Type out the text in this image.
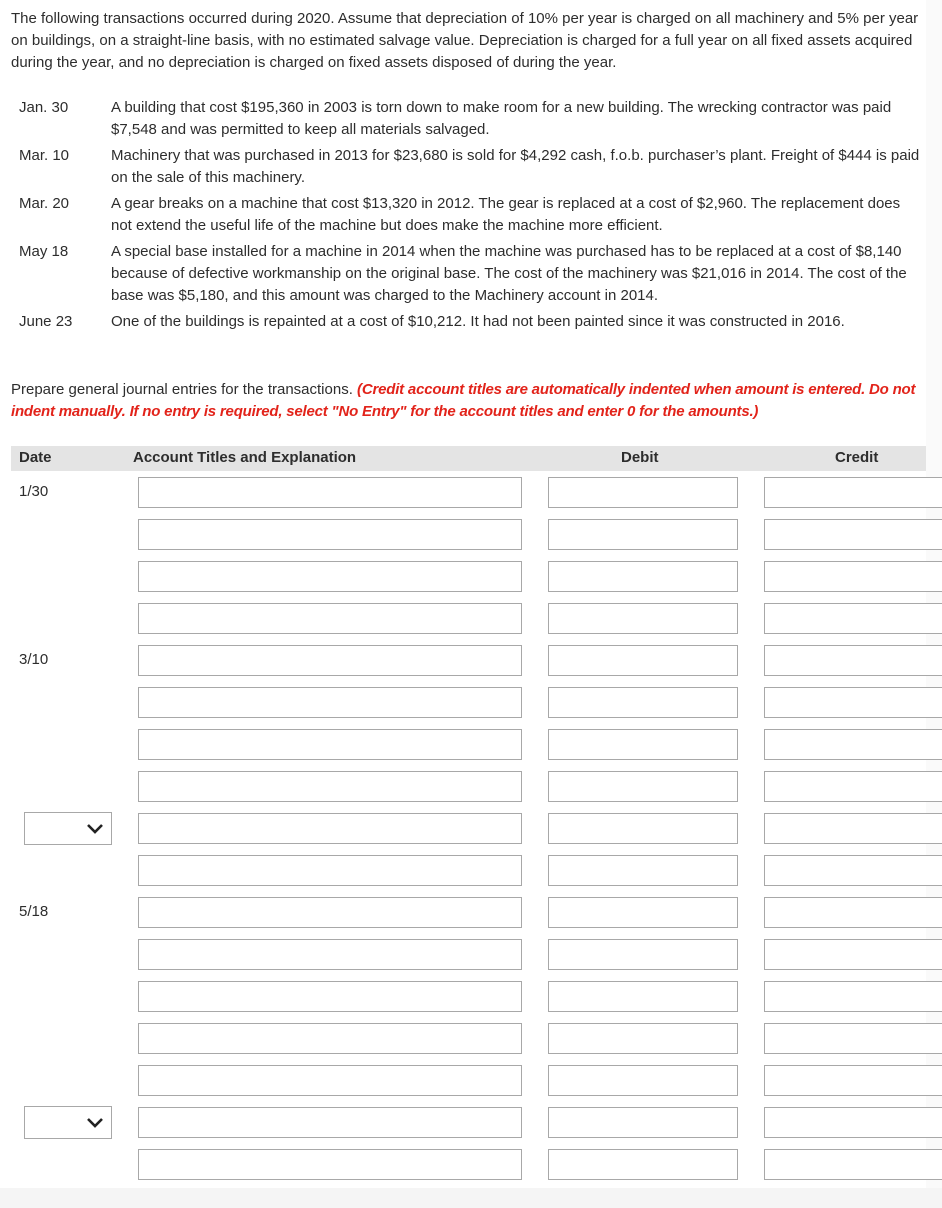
The following transactions occurred during 2020. Assume that depreciation of 10% per year is charged on all machinery and 5% per year on buildings, on a straight-line basis, with no estimated salvage value. Depreciation is charged for a full year on all fixed assets acquired during the year, and no depreciation is charged on fixed assets disposed of during the year.

Jan. 30	A building that cost $195,360 in 2003 is torn down to make room for a new building. The wrecking contractor was paid $7,548 and was permitted to keep all materials salvaged.
Mar. 10	Machinery that was purchased in 2013 for $23,680 is sold for $4,292 cash, f.o.b. purchaser’s plant. Freight of $444 is paid on the sale of this machinery.
Mar. 20	A gear breaks on a machine that cost $13,320 in 2012. The gear is replaced at a cost of $2,960. The replacement does not extend the useful life of the machine but does make the machine more efficient.
May 18	A special base installed for a machine in 2014 when the machine was purchased has to be replaced at a cost of $8,140 because of defective workmanship on the original base. The cost of the machinery was $21,016 in 2014. The cost of the base was $5,180, and this amount was charged to the Machinery account in 2014.
June 23	One of the buildings is repainted at a cost of $10,212. It had not been painted since it was constructed in 2016.

Prepare general journal entries for the transactions. (Credit account titles are automatically indented when amount is entered. Do not indent manually. If no entry is required, select "No Entry" for the account titles and enter 0 for the amounts.)

Date	Account Titles and Explanation	Debit	Credit
1/30
3/10
5/18
